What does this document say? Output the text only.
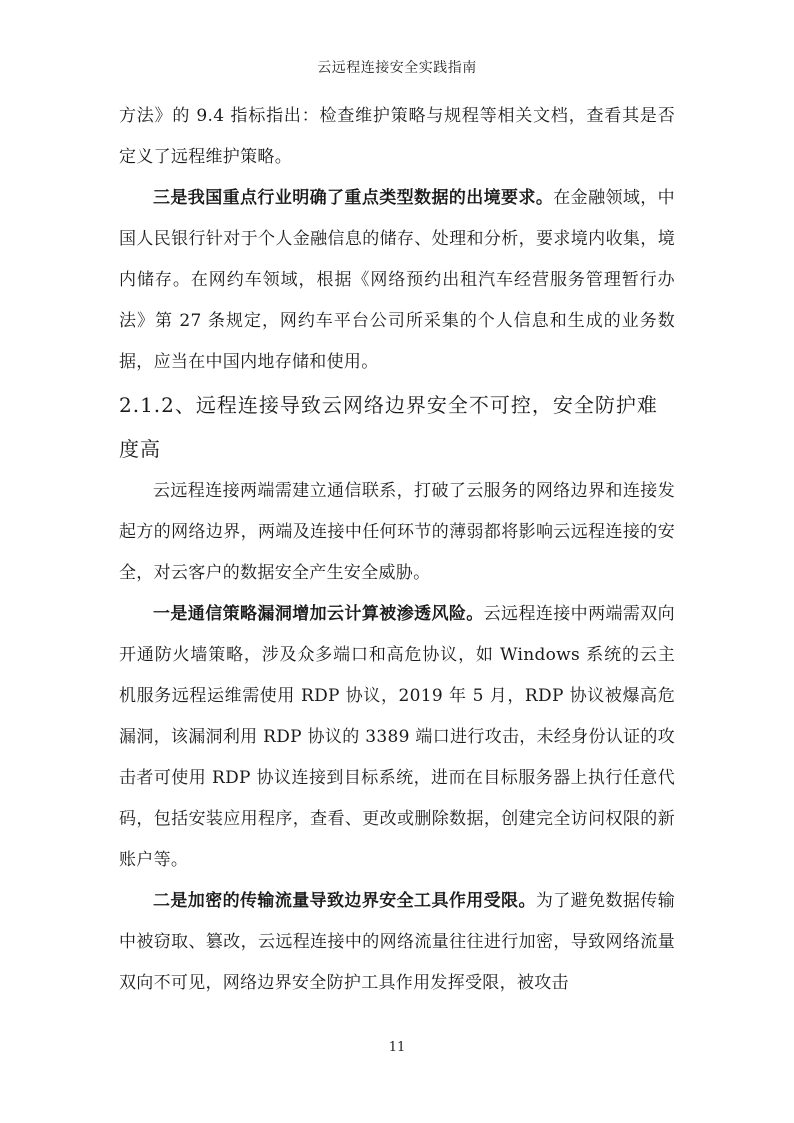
云远程连接安全实践指南

方法》的 9.4 指标指出：检查维护策略与规程等相关文档，查看其是否定义了远程维护策略。

三是我国重点行业明确了重点类型数据的出境要求。在金融领域，中国人民银行针对于个人金融信息的储存、处理和分析，要求境内收集，境内储存。在网约车领域，根据《网络预约出租汽车经营服务管理暂行办法》第 27 条规定，网约车平台公司所采集的个人信息和生成的业务数据，应当在中国内地存储和使用。

2.1.2、远程连接导致云网络边界安全不可控，安全防护难度高

云远程连接两端需建立通信联系，打破了云服务的网络边界和连接发起方的网络边界，两端及连接中任何环节的薄弱都将影响云远程连接的安全，对云客户的数据安全产生安全威胁。

一是通信策略漏洞增加云计算被渗透风险。云远程连接中两端需双向开通防火墙策略，涉及众多端口和高危协议，如 Windows 系统的云主机服务远程运维需使用 RDP 协议，2019 年 5 月，RDP 协议被爆高危漏洞，该漏洞利用 RDP 协议的 3389 端口进行攻击，未经身份认证的攻击者可使用 RDP 协议连接到目标系统，进而在目标服务器上执行任意代码，包括安装应用程序，查看、更改或删除数据，创建完全访问权限的新账户等。

二是加密的传输流量导致边界安全工具作用受限。为了避免数据传输中被窃取、篡改，云远程连接中的网络流量往往进行加密，导致网络流量双向不可见，网络边界安全防护工具作用发挥受限，被攻击

11
